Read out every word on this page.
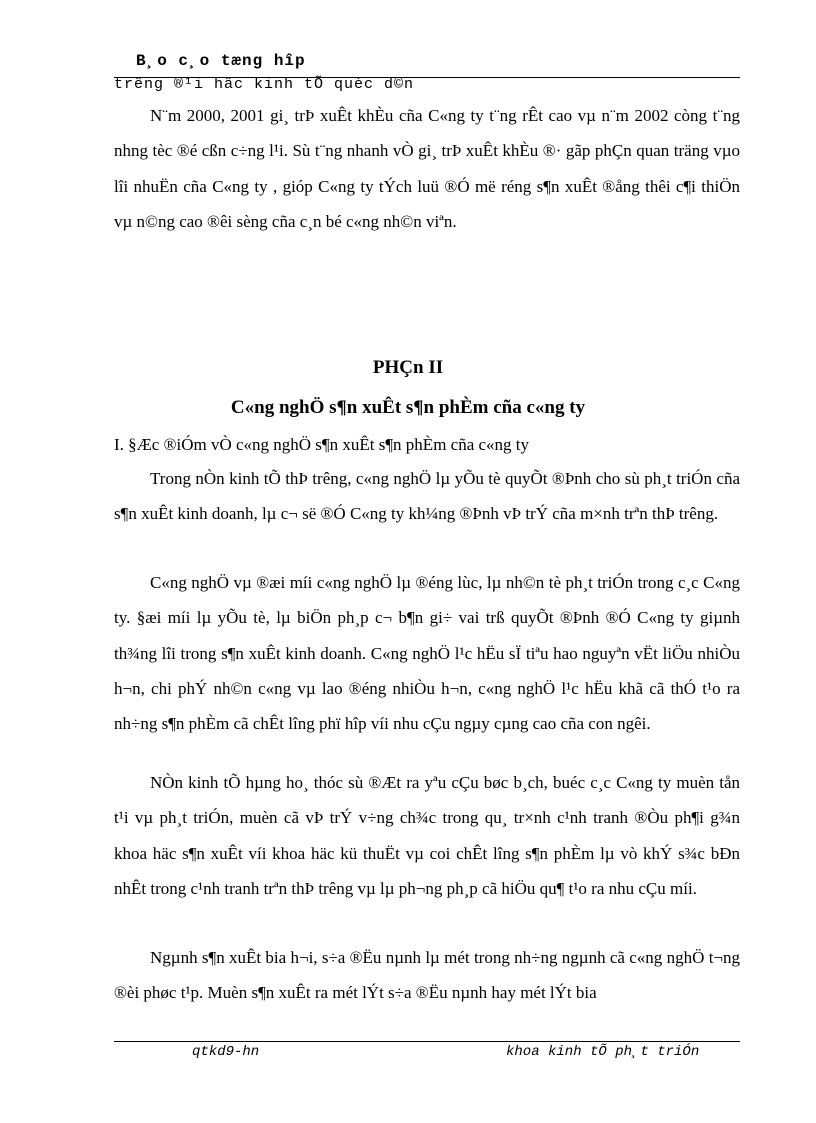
B¸o c¸o tæng hîp

trêng ®¹i häc kinh tÕ quèc d©n

N¨m 2000, 2001 gi¸ trÞ xuÊt khÈu cña C«ng ty t¨ng rÊt cao vµ n¨m 2002 còng t¨ng nhng tèc ®é cßn c÷ng l¹i. Sù t¨ng nhanh vÒ gi¸ trÞ xuÊt khÈu ®· gãp phÇn quan träng vµo lîi nhuËn cña C«ng ty , gióp C«ng ty tÝch luü ®Ó më réng s¶n xuÊt ®ång thêi c¶i thiÖn vµ n©ng cao ®êi sèng cña c¸n bé c«ng nh©n viªn.

PHÇn II
C«ng nghÖ s¶n xuÊt s¶n phÈm cña c«ng ty
I. §Æc ®iÓm vÒ c«ng nghÖ s¶n xuÊt s¶n phÈm cña c«ng ty

Trong nÒn kinh tÕ thÞ trêng, c«ng nghÖ lµ yÕu tè quyÕt ®Þnh cho sù ph¸t triÓn cña s¶n xuÊt kinh doanh, lµ c¬ së ®Ó C«ng ty kh¼ng ®Þnh vÞ trÝ cña m×nh trªn thÞ trêng.

C«ng nghÖ vµ ®æi míi c«ng nghÖ lµ ®éng lùc, lµ nh©n tè ph¸t triÓn trong c¸c C«ng ty. §æi míi lµ yÕu tè, lµ biÖn ph¸p c¬ b¶n gi÷ vai trß quyÕt ®Þnh ®Ó C«ng ty giµnh th¾ng lîi trong s¶n xuÊt kinh doanh. C«ng nghÖ l¹c hËu sÏ tiªu hao nguyªn vËt liÖu nhiÒu h¬n, chi phÝ nh©n c«ng vµ lao ®éng nhiÒu h¬n, c«ng nghÖ l¹c hËu khã cã thÓ t¹o ra nh÷ng s¶n phÈm cã chÊt lîng phï hîp víi nhu cÇu ngµy cµng cao cña con ngêi.

NÒn kinh tÕ hµng ho¸ thóc sù ®Æt ra yªu cÇu bøc b¸ch, buéc c¸c C«ng ty muèn tån t¹i vµ ph¸t triÓn, muèn cã vÞ trÝ v÷ng ch¾c trong qu¸ tr×nh c¹nh tranh ®Òu ph¶i g¾n khoa häc s¶n xuÊt víi khoa häc kü thuËt vµ coi chÊt lîng s¶n phÈm lµ vò khÝ s¾c bÐn nhÊt trong c¹nh tranh trªn thÞ trêng vµ lµ ph¬ng ph¸p cã hiÖu qu¶ t¹o ra nhu cÇu míi.

Ngµnh s¶n xuÊt bia h¬i, s÷a ®Ëu nµnh lµ mét trong nh÷ng ngµnh cã c«ng nghÖ t¬ng ®èi phøc t¹p. Muèn s¶n xuÊt ra mét lÝt s÷a ®Ëu nµnh hay mét lÝt bia

qtkd9-hn	khoa kinh tÕ ph¸t triÓn
